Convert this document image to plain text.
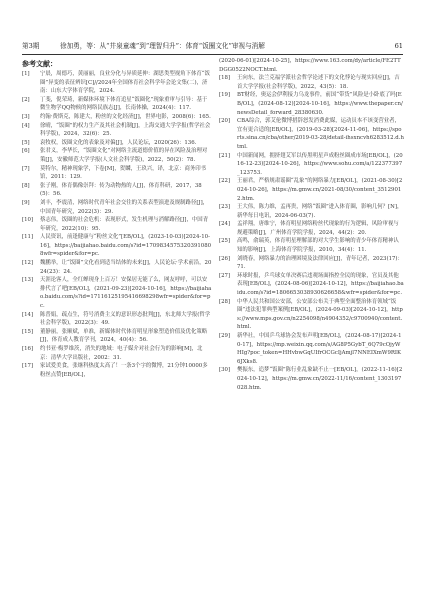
第3期	徐加勇，等：从“井泉童魂”到“理智归升”：体育“饭圈文化”审视与消解	61
参考文献：
[1]	宁晨，周德巧，黄丽丽，良业分化与异质延伸：湖思类型视角下体育“饭圈”异变的表征辨识[C]//2024年全国体育社会科学年会论文集(二)，济南：山东大学体育学院，2024.
[2]	丁斐，倪荣琦，新媒体环境下体育追星“饭圈化”现象重审与引导：基于微生物学QQ物候的网络民族志[J]，长南体操，2024(4)：117.
[3]	约翰·费斯克，陈建大，粉丝的文化经济[J]，世界电影，2008(6)：165.
[4]	徐晴，“饭圈”的权力生产及其社会机制[J]，上海交通大学学报(哲学社会科学版)，2024，32(6)：25.
[5]	袁牧权，饭圈文化的表象及对偏[J]，人民论坛，2020(26)：136.
[6]	张君义，李华长，“饭圈文化”对网络主流道德价值的异在风险及治理对策[J]，安徽师范大学学报(人文社会科学版)，2022，50(2)：78.
[7]	莫特尔，精神现象学，下卷[M]，贺麟，王玖兴，译，北京：商务印书馆，2011：129.
[8]	张子刚，体育偶像崇拜：传为动物热的人[J]，体育科研，2017，38(5)：56.
[9]	刘丰，李震清，网络时代青年社会交往的关系表型演进及规制路径[J]，中国青年研究，2022(3)：29.
[10]	蔡志伟，饭圈的社会危机：表现形式，发生机理与消解路径[J]，中国青年研究，2022(10)：95.
[11]	人民资讯，前逢健康与“粉丝文化”[EB/OL]，(2023-10-03)[2024-10-16]，https://baijiahao.baidu.com/s?id=17098345753203910808wfr=spider&for=pc.
[12]	魏鹏举，让“饭圈”文化看到适当结体的未来[J]，人民论坛·学术前沿，2024(23)：24.
[13]	天涯论客人，全红蝉现身上百万！安保居无能了么，网友呼呼，可以安排代言了吧[EB/OL]，(2021-09-23)[2024-10-16]，https://baijiahao.baidu.com/s?id=17116125195416698298wfr=spider&for=pc.
[14]	陈普娟，疏点生，符号消费主义的意识形态批判[J]，东北师大学报(哲学社会科学版)，2022(3)：49.
[15]	董静丽，张顺斌，单准，新媒体时代体育明星形象塑造价值及优化策略[J]，体育成人教育学刊，2024，40(4)：56.
[16]	约书亚·梅罗维茨，消失的地域：电子媒介对社会行为的影响[M]，北京：清华大学出版社，2002：31.
[17]	家试爱美食，张继科热度太高了！一条3个字的微博，21分钟10000多粉丝点赞[EB/OL]，
(2020-06-01)[2024-10-25]，https://www.163.com/dy/article/FE2TTDGG0522NOCT.html.
[18]	王向东，法兰克福学派社会哲学论述下的文化悖论与现实回应[J]，吉首大学学报(社会科学版)，2022，43(5)：18.
[19]	BT财经，奥运会伊利接力乌龙事件，前国“带货”风险是小卧底了吗[EB/OL]，(2024-08-12)[2024-10-16]，https://www.thepaper.cn/newsDetail_forward_28380630.
[20]	CBA综合，郭艾伦微博措辞怒发消费此媒，运动员本不该变营业者，宜有更合适的[EB/OL]，(2019-03-28)[2024-11-06]，https://sports.sina.cn/cba/other/2019-03-28/detail-ihsxncvh6283512.d.html.
[21]	中国新闻网，拥挤翅艾军以传黑明星声成粉丝圈成市场[EB/OL]，(2016-12-23)[2024-10-26]，https://www.sohu.com/a/122377397_123753.
[22]	王丽君，严格规肃谣圈“乱象”的网络暴力[EB/OL]，(2021-08-30)[2024-10-26]，https://m.gmw.cn/2021-08/30/content_35129012.htm.
[23]	王大伟，陈力维，孟再贵，网络“饭圈”进入体育圈，影响几何？[N]，新华每日电讯，2024-06-03(7).
[24]	孟祥翔，唐维宁，体育明星网络粉丝代现象的行为逻辑，风险审视与规避策略[J]，广州体育学院学报，2024，44(2)：20.
[25]	高鸣，俞瑞英，体育明星理解部的对大学生影响的青少年体育精神认知的影响[J]，上海体育学院学报，2010，34(4)：11.
[26]	刘晓春，网络暴力的治理困境及法律回应[J]，青年记者，2023(17)：71.
[27]	环球时报，乒乓球女单决赛后违观场面指控全民的现象，官员及其他表现[EB/OL]，(2024-08-06)[2024-10-12]，https://baijiahao.baidu.com/s?id=1806653038930626658&wfr=spider&for=pc.
[28]	中华人民共和国公安部，公安部公布关于典型全面整治体育领域“饭圈”违法犯罪典型案例[EB/OL]，(2024-09-03)[2024-10-12]，https://www.mps.gov.cn/n2254098/n4904352/c9700940/content.html.
[29]	新华社，中国乒乓球协会发布声明[EB/OL]，(2024-08-17)[2024-10-17]，https://mp.weixin.qq.com/s/AG8P5GybT_6Q79cOjyWHIg?poc_token=HHvbwGqUIfrOCGcIjAmjl7NNEIXmW9RIK6JXks8.
[30]	樊振东，追梦“饭圈”陈行业乱象缺不止一[EB/OL]，(2022-11-16)[2024-10-12]，https://m.gmw.cn/2022-11/16/content_1303197028.htm.
